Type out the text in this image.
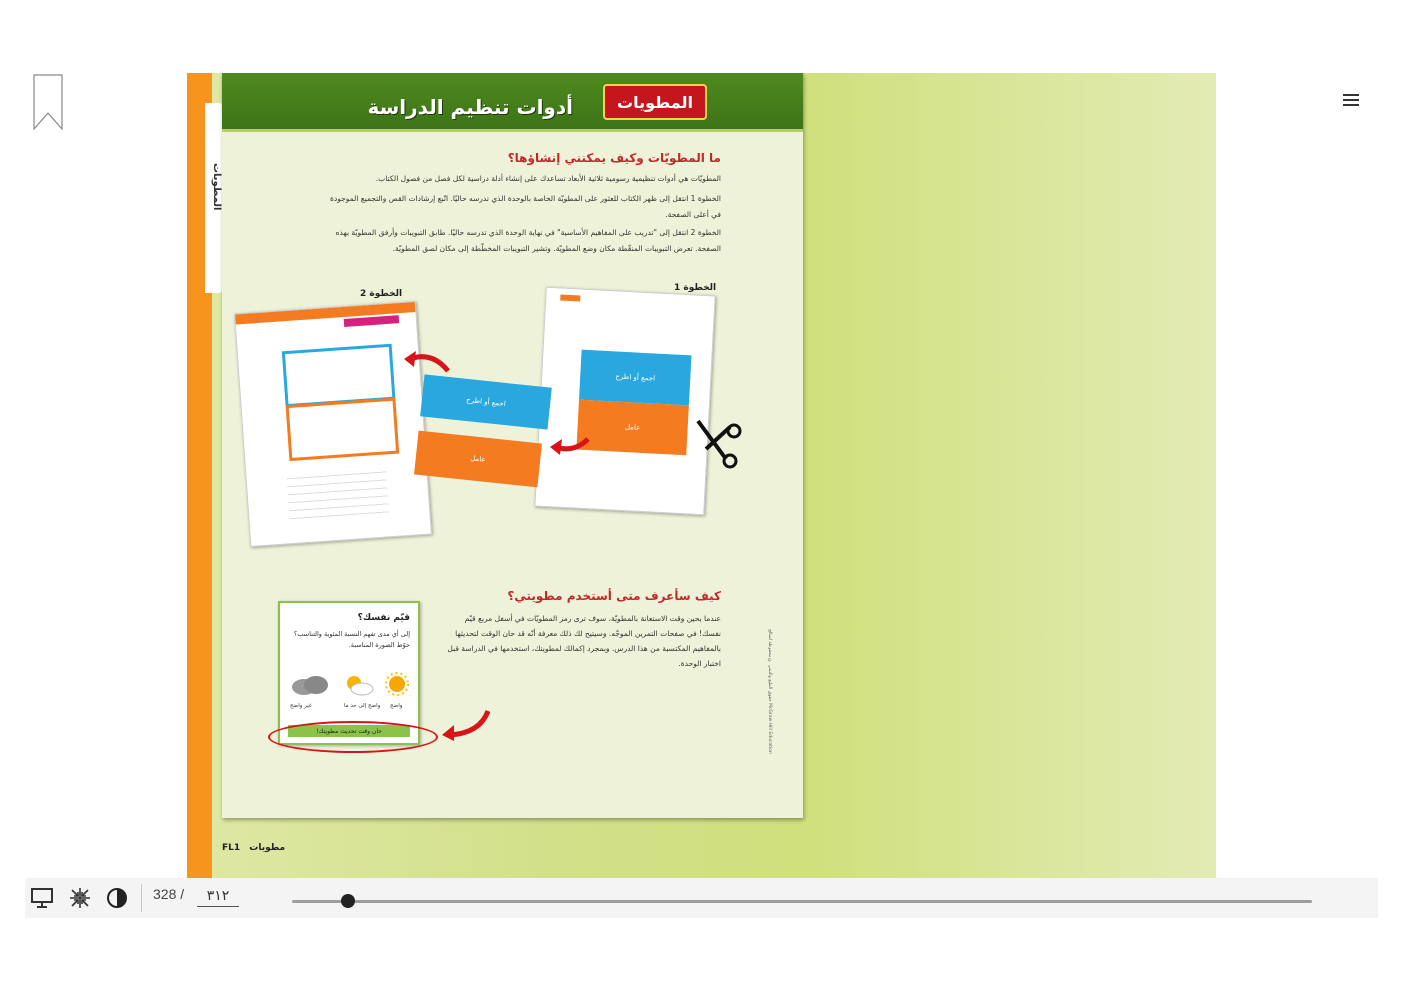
المطويات
أدوات تنظيم الدراسة	المطويات
ما المطويّات وكيف يمكنني إنشاؤها؟
المطويّات هي أدوات تنظيمية رسومية ثلاثية الأبعاد تساعدك على إنشاء أدلة دراسية لكل فصل من فصول الكتاب.
الخطوة 1 انتقل إلى ظهر الكتاب للعثور على المطويّة الخاصة بالوحدة الذي تدرسه حاليًا. اتّبع إرشادات القص والتجميع الموجودة في أعلى الصفحة.
الخطوة 2 انتقل إلى "تدريب على المفاهيم الأساسية" في نهاية الوحدة الذي تدرسه حاليًا. طابق التبويبات وأرفق المطويّة بهذه الصفحة. تعرض التبويبات المنقّطة مكان وضع المطويّة. وتشير التبويبات المخطّطة إلى مكان لصق المطويّة.
الخطوة 1
الخطوة 2
اجمع أو اطرح
عامل
اجمع أو اطرح
عامل
كيف سأعرف متى أستخدم مطويتي؟
عندما يحين وقت الاستعانة بالمطويّة، سوف ترى رمز المطويّات في أسفل مربع قيّم نفسك! في صفحات التمرين الموجّه. وسيتيح لك ذلك معرفة أنّه قد حان الوقت لتحديثها بالمفاهيم المكتسبة من هذا الدرس. وبمجرد إكمالك لمطويتك، استخدمها في الدراسة قبل اختبار الوحدة.
قيّم نفسك؟
إلى أي مدى تفهم النسبة المئوية والتناسب؟ حوّط الصورة المناسبة.
واضح
واضح إلى حد ما
غير واضح
حان وقت تحديث مطويتك!
حقوق الطبع والنشر © محفوظة لصالح McGraw-Hill Education
FL1 مطويات
328 /
٣١٢
